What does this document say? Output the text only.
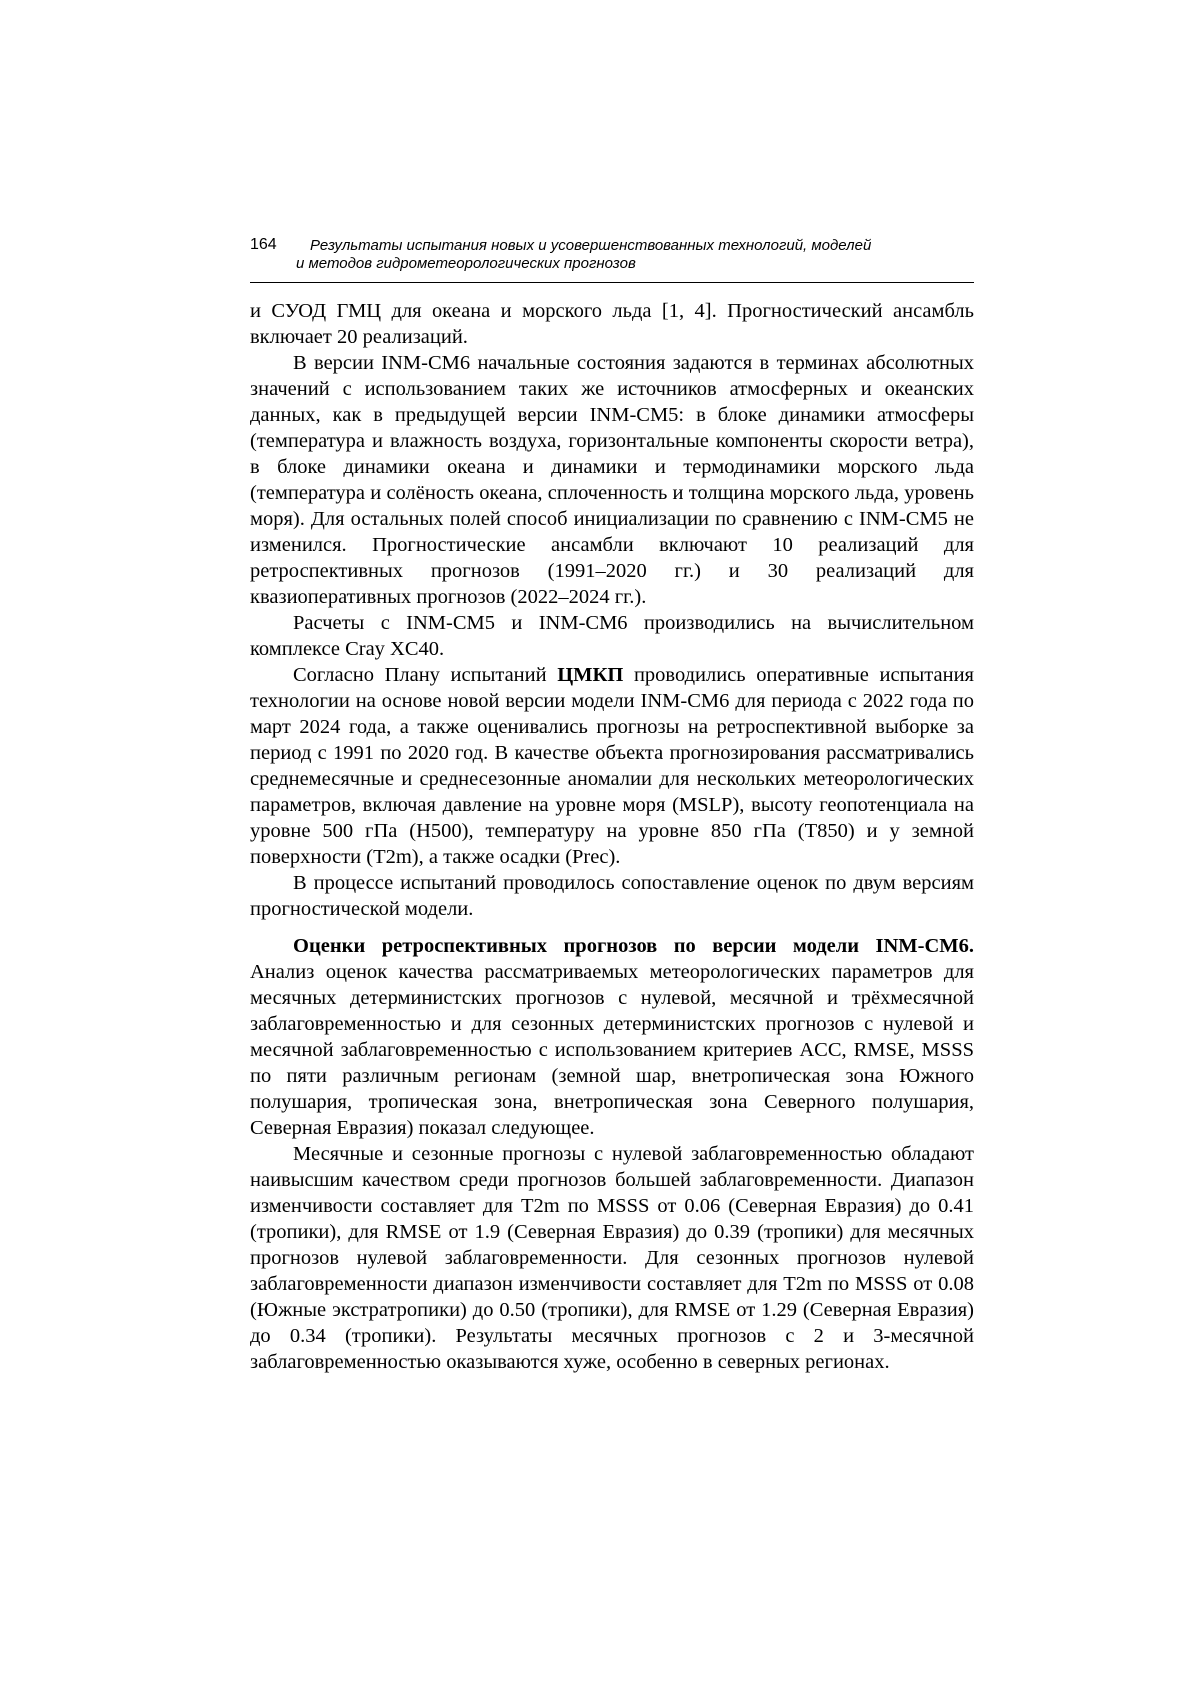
164 Результаты испытания новых и усовершенствованных технологий, моделей
и методов гидрометеорологических прогнозов

и СУОД ГМЦ для океана и морского льда [1, 4]. Прогностический ансамбль включает 20 реализаций.

В версии INM-CM6 начальные состояния задаются в терминах абсолютных значений с использованием таких же источников атмосферных и океанских данных, как в предыдущей версии INM-CM5: в блоке динамики атмосферы (температура и влажность воздуха, горизонтальные компоненты скорости ветра), в блоке динамики океана и динамики и термодинамики морского льда (температура и солёность океана, сплоченность и толщина морского льда, уровень моря). Для остальных полей способ инициализации по сравнению с INM-CM5 не изменился. Прогностические ансамбли включают 10 реализаций для ретроспективных прогнозов (1991–2020 гг.) и 30 реализаций для квазиоперативных прогнозов (2022–2024 гг.).

Расчеты с INM-CM5 и INM-CM6 производились на вычислительном комплексе Cray XC40.

Согласно Плану испытаний ЦМКП проводились оперативные испытания технологии на основе новой версии модели INM-CM6 для периода с 2022 года по март 2024 года, а также оценивались прогнозы на ретроспективной выборке за период с 1991 по 2020 год. В качестве объекта прогнозирования рассматривались среднемесячные и среднесезонные аномалии для нескольких метеорологических параметров, включая давление на уровне моря (MSLP), высоту геопотенциала на уровне 500 гПа (H500), температуру на уровне 850 гПа (T850) и у земной поверхности (T2m), а также осадки (Prec).

В процессе испытаний проводилось сопоставление оценок по двум версиям прогностической модели.

Оценки ретроспективных прогнозов по версии модели INM-CM6. Анализ оценок качества рассматриваемых метеорологических параметров для месячных детерминистских прогнозов с нулевой, месячной и трёхмесячной заблаговременностью и для сезонных детерминистских прогнозов с нулевой и месячной заблаговременностью с использованием критериев ACC, RMSE, MSSS по пяти различным регионам (земной шар, внетропическая зона Южного полушария, тропическая зона, внетропическая зона Северного полушария, Северная Евразия) показал следующее.

Месячные и сезонные прогнозы с нулевой заблаговременностью обладают наивысшим качеством среди прогнозов большей заблаговременности. Диапазон изменчивости составляет для T2m по MSSS от 0.06 (Северная Евразия) до 0.41 (тропики), для RMSE от 1.9 (Северная Евразия) до 0.39 (тропики) для месячных прогнозов нулевой заблаговременности. Для сезонных прогнозов нулевой заблаговременности диапазон изменчивости составляет для T2m по MSSS от 0.08 (Южные экстратропики) до 0.50 (тропики), для RMSE от 1.29 (Северная Евразия) до 0.34 (тропики). Результаты месячных прогнозов с 2 и 3-месячной заблаговременностью оказываются хуже, особенно в северных регионах.
